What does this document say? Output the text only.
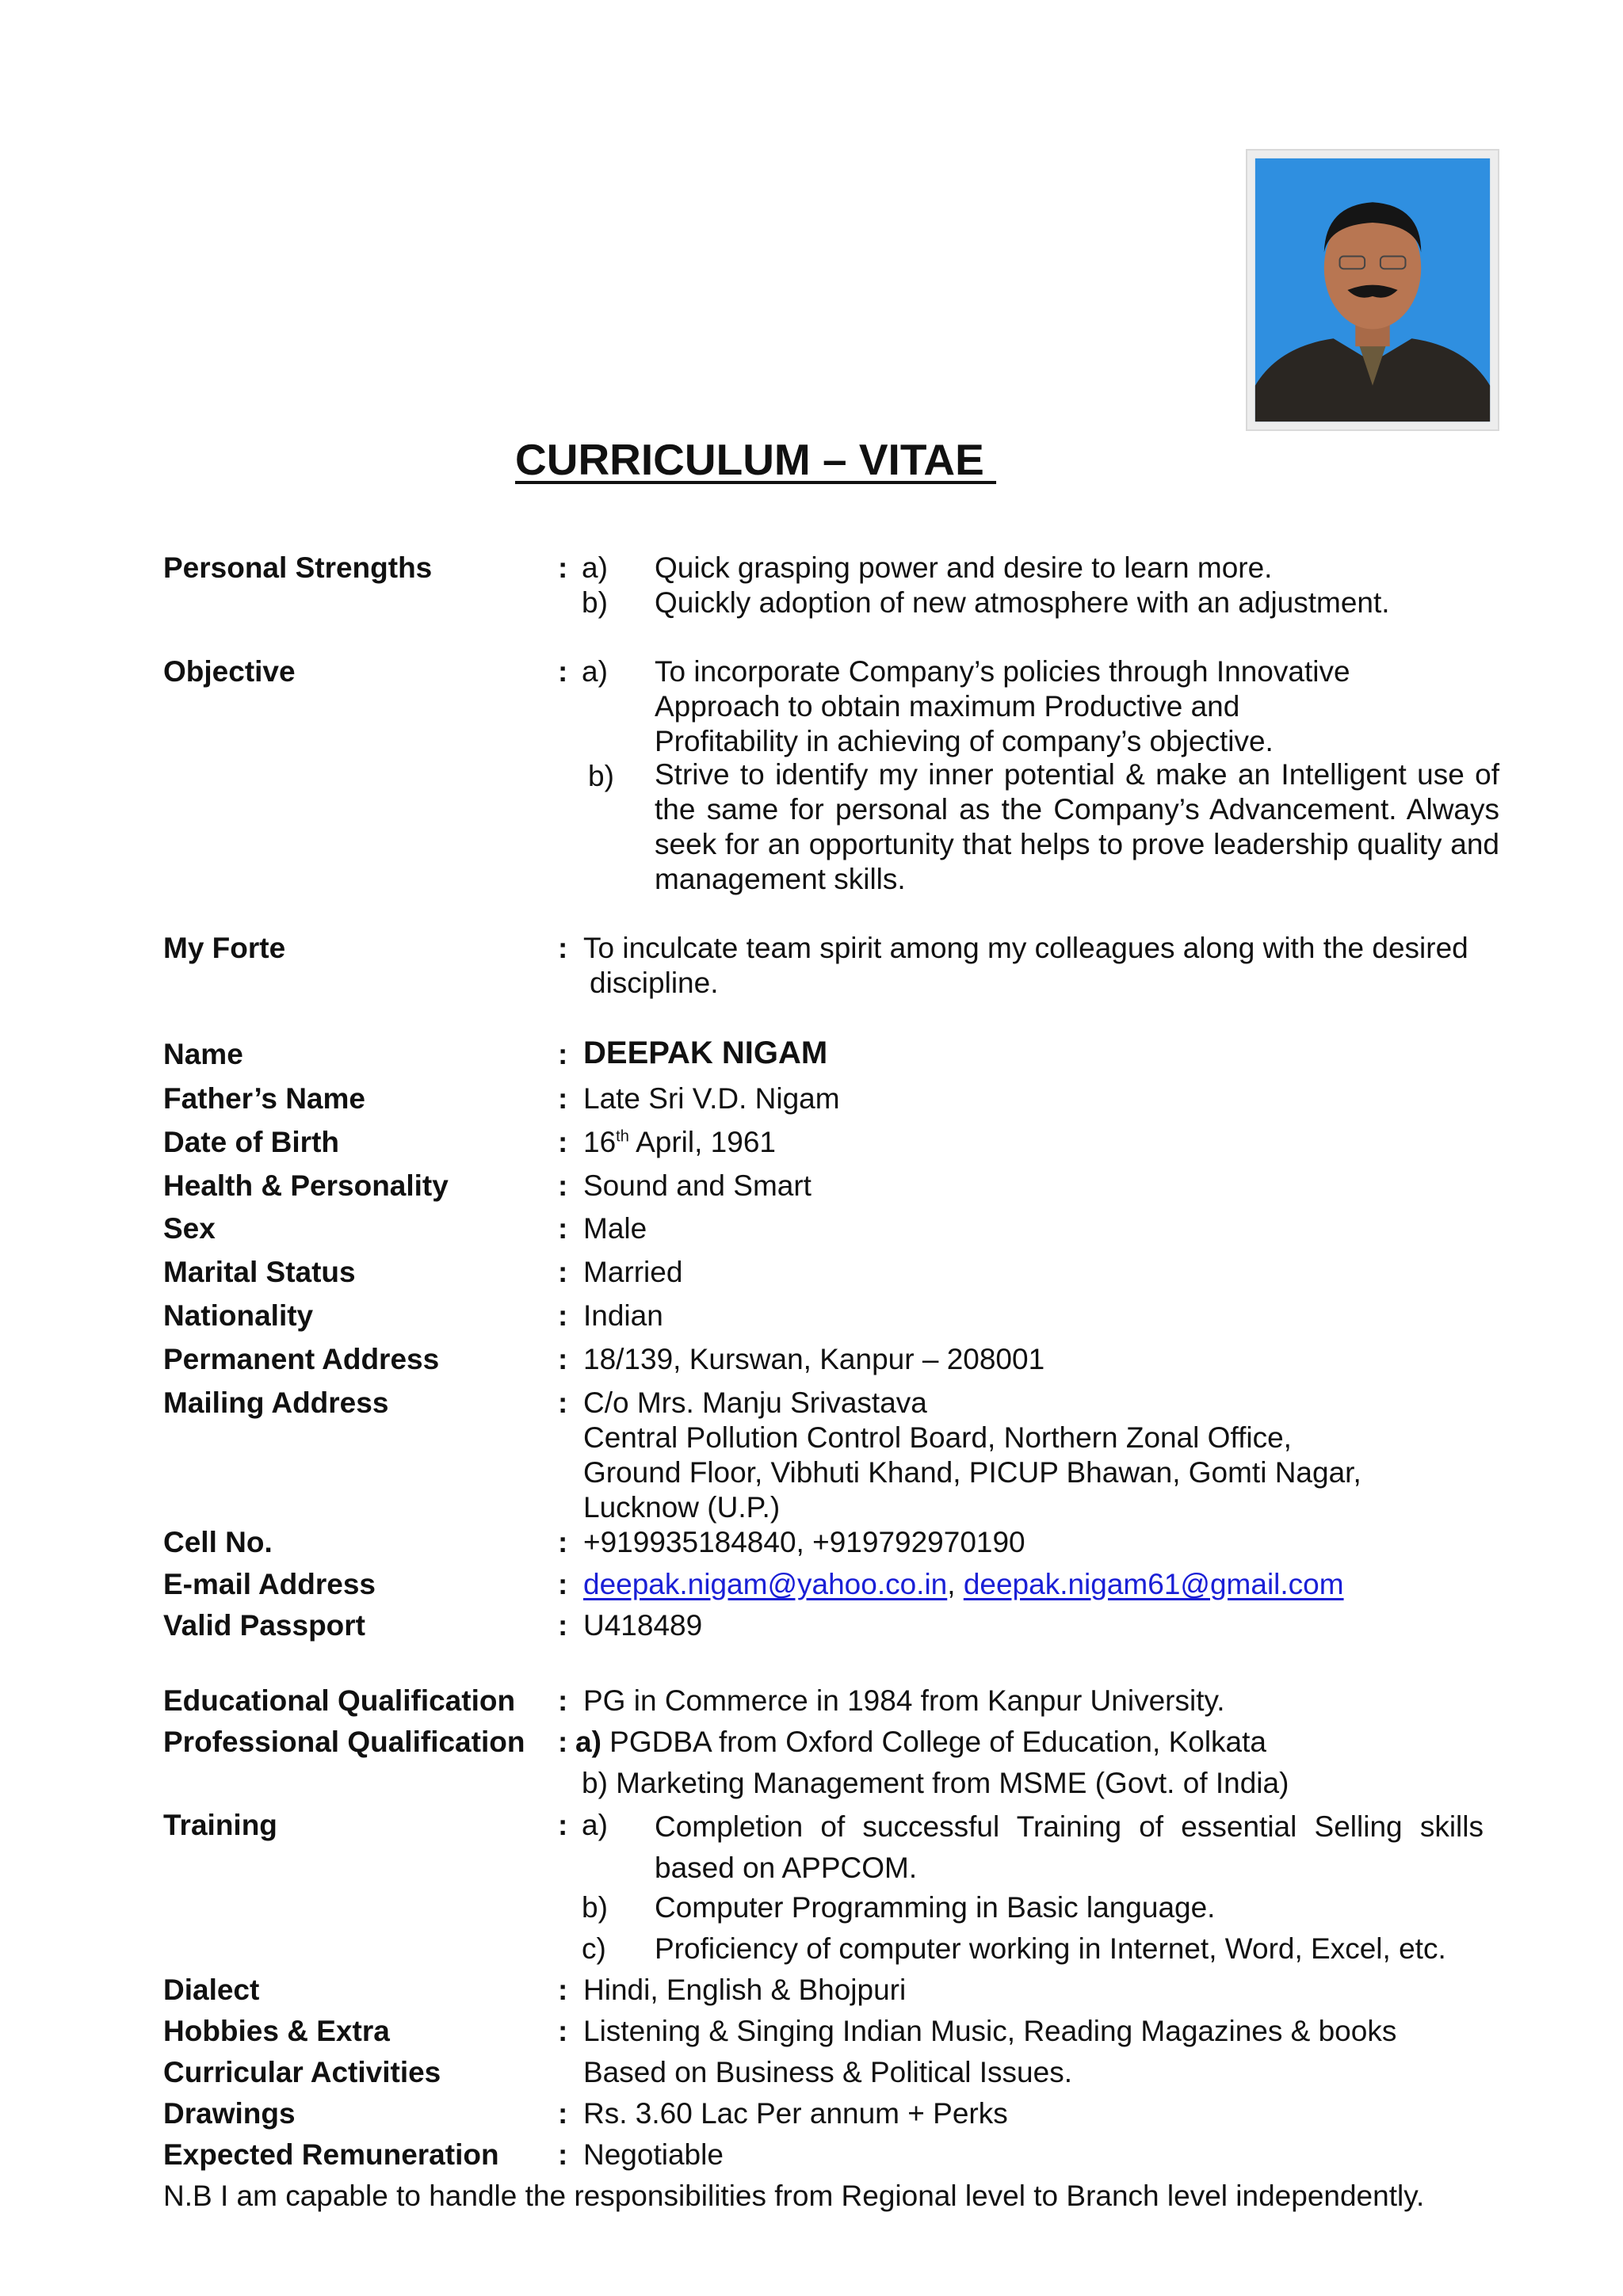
CURRICULUM – VITAE
Personal Strengths	: a) Quick grasping power and desire to learn more.
b) Quickly adoption of new atmosphere with an adjustment.
Objective	: a) To incorporate Company’s policies through Innovative
Approach to obtain maximum Productive and
Profitability in achieving of company’s objective.
b) Strive to identify my inner potential & make an Intelligent use of the same for personal as the Company’s Advancement. Always seek for an opportunity that helps to prove leadership quality and management skills.
My Forte	: To inculcate team spirit among my colleagues along with the desired
discipline.
Name	: DEEPAK NIGAM
Father’s Name	: Late Sri V.D. Nigam
Date of Birth	: 16th April, 1961
Health & Personality	: Sound and Smart
Sex	: Male
Marital Status	: Married
Nationality	: Indian
Permanent Address	: 18/139, Kurswan, Kanpur – 208001
Mailing Address	: C/o Mrs. Manju Srivastava
Central Pollution Control Board, Northern Zonal Office,
Ground Floor, Vibhuti Khand, PICUP Bhawan, Gomti Nagar,
Lucknow (U.P.)
Cell No.	: +919935184840, +919792970190
E-mail Address	: deepak.nigam@yahoo.co.in, deepak.nigam61@gmail.com
Valid Passport	: U418489
Educational Qualification : PG in Commerce in 1984 from Kanpur University.
Professional Qualification : a) PGDBA from Oxford College of Education, Kolkata
b) Marketing Management from MSME (Govt. of India)
Training	: a) Completion of successful Training of essential Selling skills based on APPCOM.
b) Computer Programming in Basic language.
c) Proficiency of computer working in Internet, Word, Excel, etc.
Dialect	: Hindi, English & Bhojpuri
Hobbies & Extra	: Listening & Singing Indian Music, Reading Magazines & books
Curricular Activities	Based on Business & Political Issues.
Drawings	: Rs. 3.60 Lac Per annum + Perks
Expected Remuneration : Negotiable
N.B I am capable to handle the responsibilities from Regional level to Branch level independently.
